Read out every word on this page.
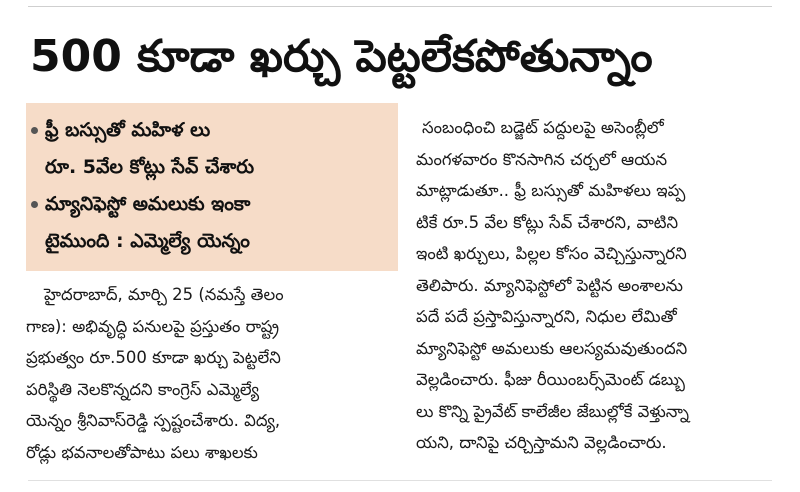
500 కూడా ఖర్చు పెట్టలేకపోతున్నాం
ఫ్రీ బస్సుతో మహిళ లు
రూ. 5వేల కోట్లు సేవ్‌ చేశారు
మ్యానిఫెస్టో అమలుకు ఇంకా
టైముంది : ఎమ్మెల్యే యెన్నం
హైదరాబాద్‌, మార్చి 25 (నమస్తే తెలం
గాణ): అభివృద్ధి పనులపై ప్రస్తుతం రాష్ట్ర
ప్రభుత్వం రూ.500 కూడా ఖర్చు పెట్టలేని
పరిస్థితి నెలకొన్నదని కాంగ్రెస్‌ ఎమ్మెల్యే
యెన్నం శ్రీనివాస్‌రెడ్డి స్పష్టంచేశారు. విద్య,
రోడ్లు భవనాలతోపాటు పలు శాఖలకు
సంబంధించి బడ్జెట్‌ పద్దులపై అసెంబ్లీలో
మంగళవారం కొనసాగిన చర్చలో ఆయన
మాట్లాడుతూ.. ఫ్రీ బస్సుతో మహిళలు ఇప్ప
టికే రూ.5 వేల కోట్లు సేవ్‌ చేశారని, వాటిని
ఇంటి ఖర్చులు, పిల్లల కోసం వెచ్చిస్తున్నారని
తెలిపారు. మ్యానిఫెస్టోలో పెట్టిన అంశాలను
పదే పదే ప్రస్తావిస్తున్నారని, నిధుల లేమితో
మ్యానిఫెస్టో అమలుకు ఆలస్యమవుతుందని
వెల్లడించారు. ఫీజు రీయింబర్స్‌మెంట్‌ డబ్బు
లు కొన్ని ప్రైవేట్‌ కాలేజీల జేబుల్లోకే వెళ్తున్నా
యని, దానిపై చర్చిస్తామని వెల్లడించారు.
